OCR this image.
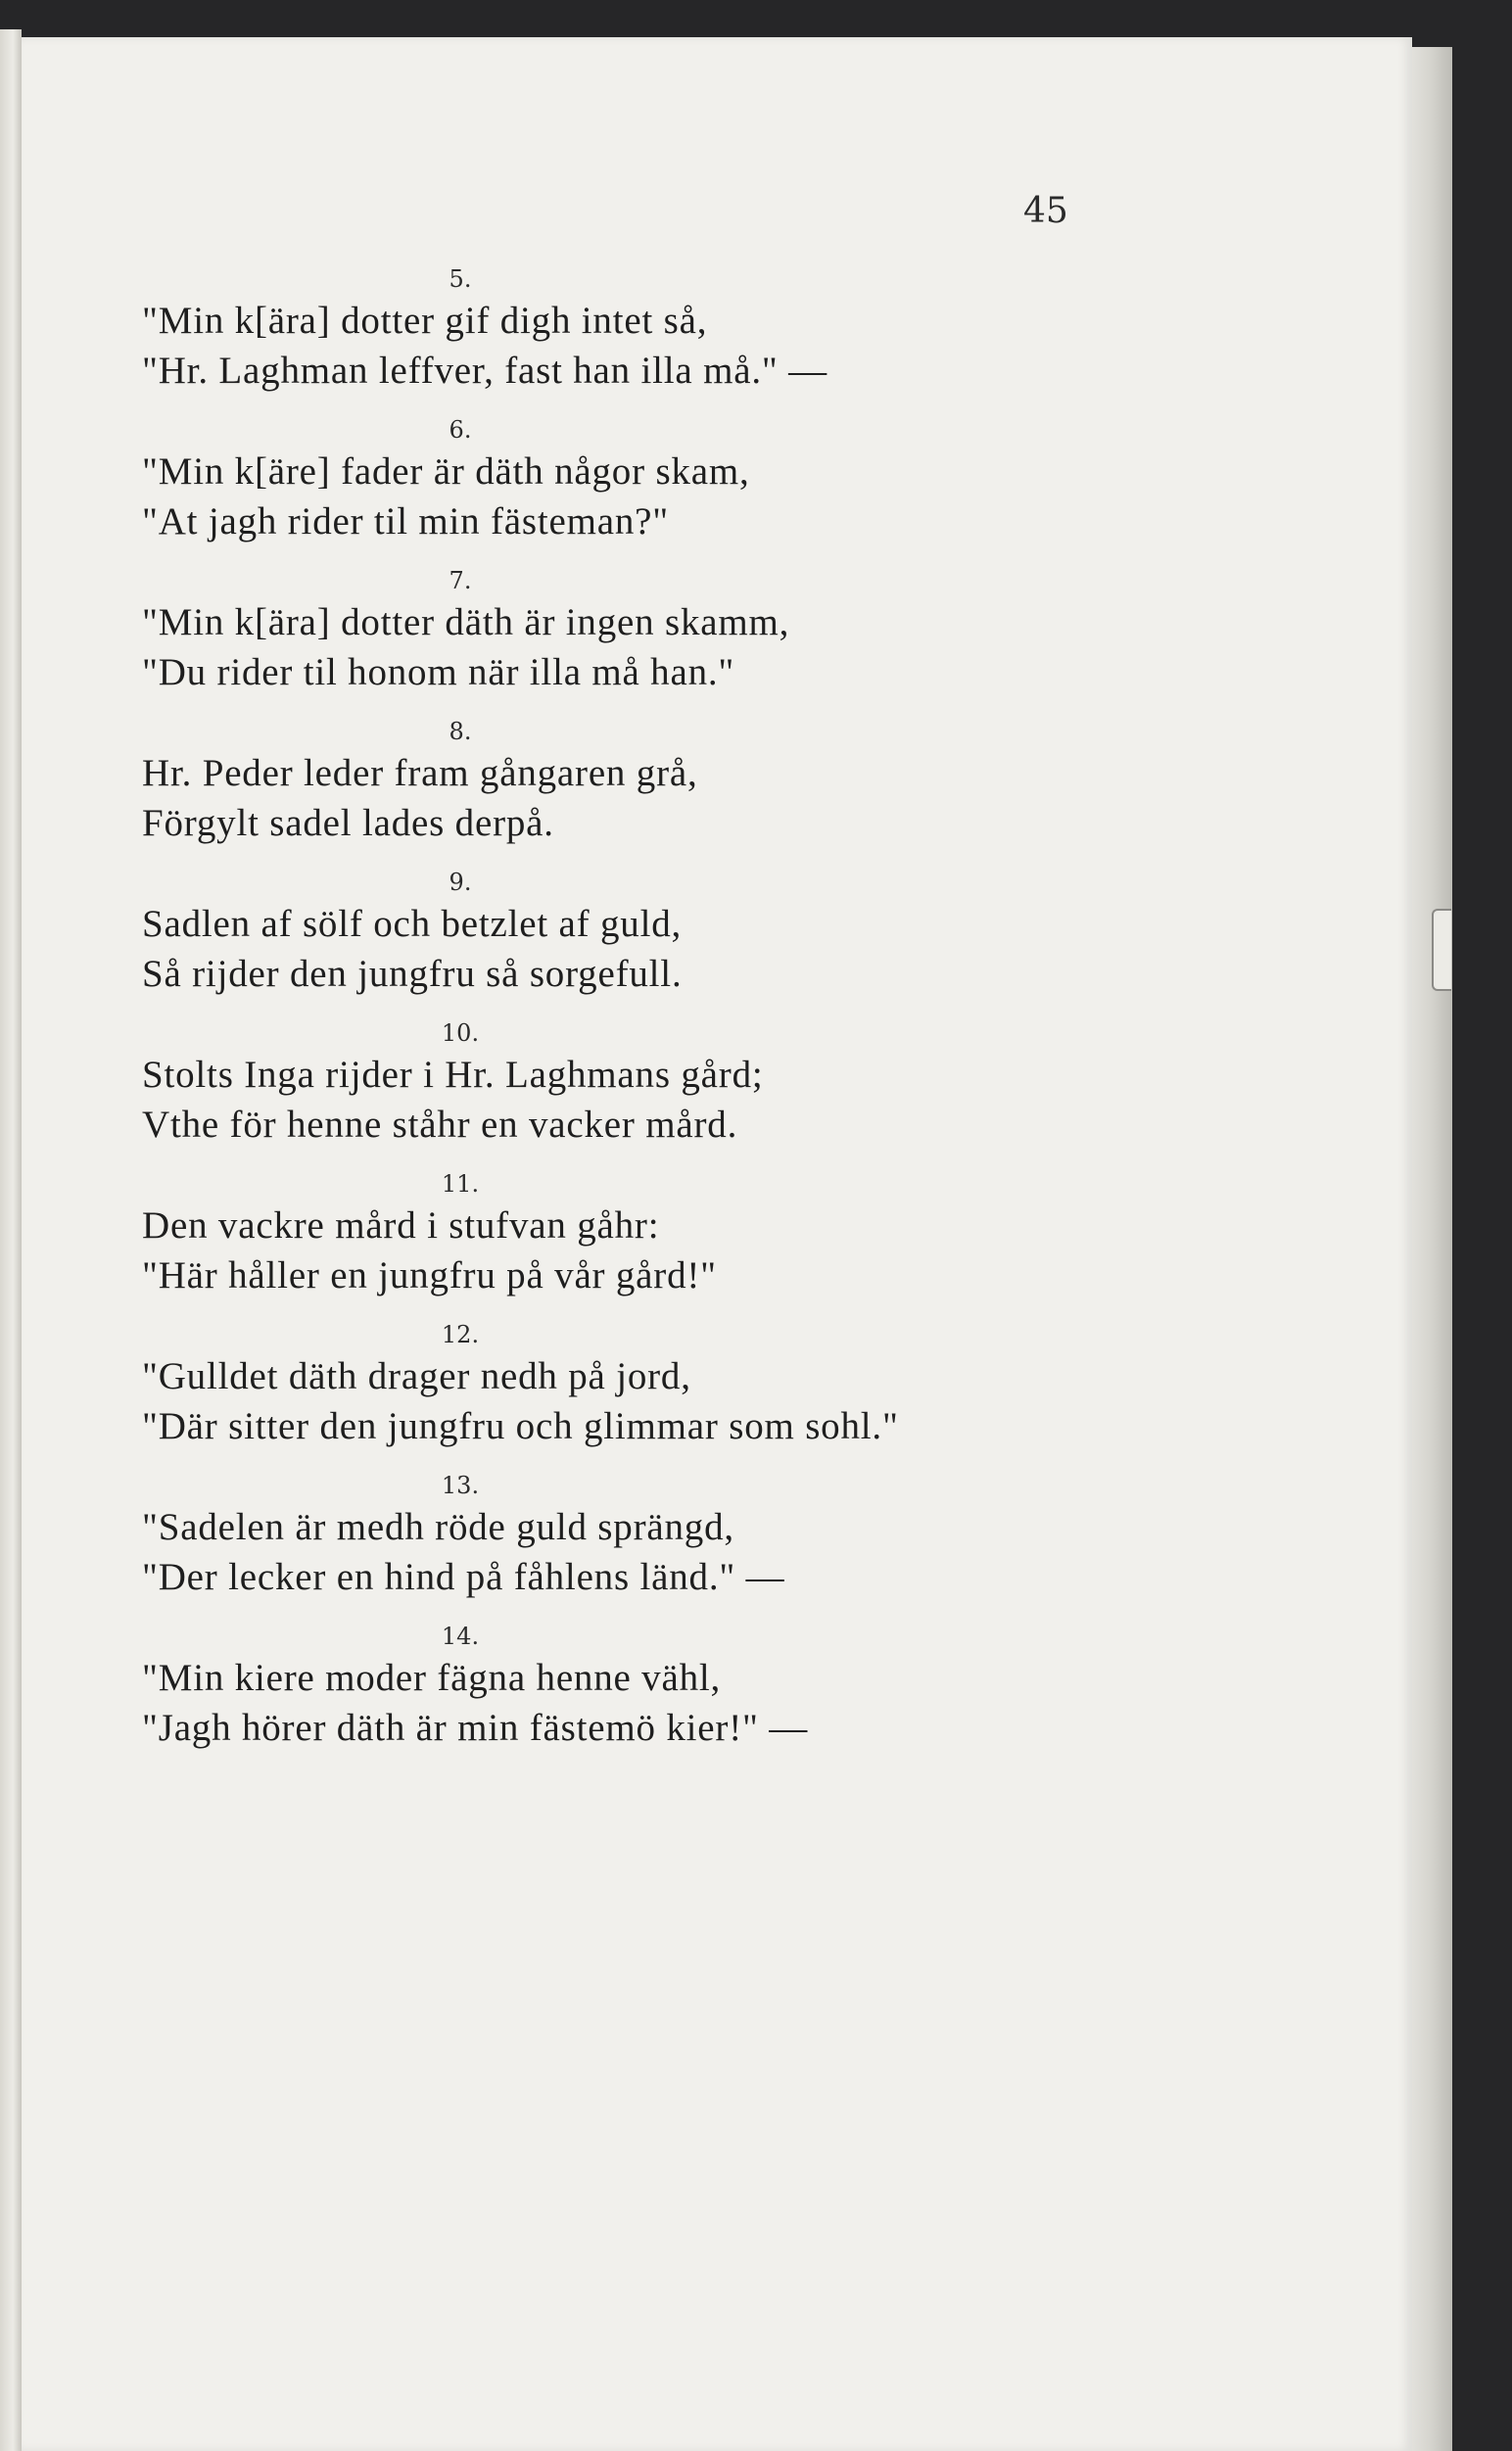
45
5.
"Min k[ära] dotter gif digh intet så,
"Hr. Laghman leffver, fast han illa må." —
6.
"Min k[äre] fader är däth någor skam,
"At jagh rider til min fästeman?"
7.
"Min k[ära] dotter däth är ingen skamm,
"Du rider til honom när illa må han."
8.
Hr. Peder leder fram gångaren grå,
Förgylt sadel lades derpå.
9.
Sadlen af sölf och betzlet af guld,
Så rijder den jungfru så sorgefull.
10.
Stolts Inga rijder i Hr. Laghmans gård;
Vthe för henne ståhr en vacker mård.
11.
Den vackre mård i stufvan gåhr:
"Här håller en jungfru på vår gård!"
12.
"Gulldet däth drager nedh på jord,
"Där sitter den jungfru och glimmar som sohl."
13.
"Sadelen är medh röde guld sprängd,
"Der lecker en hind på fåhlens länd." —
14.
"Min kiere moder fägna henne vähl,
"Jagh hörer däth är min fästemö kier!" —
